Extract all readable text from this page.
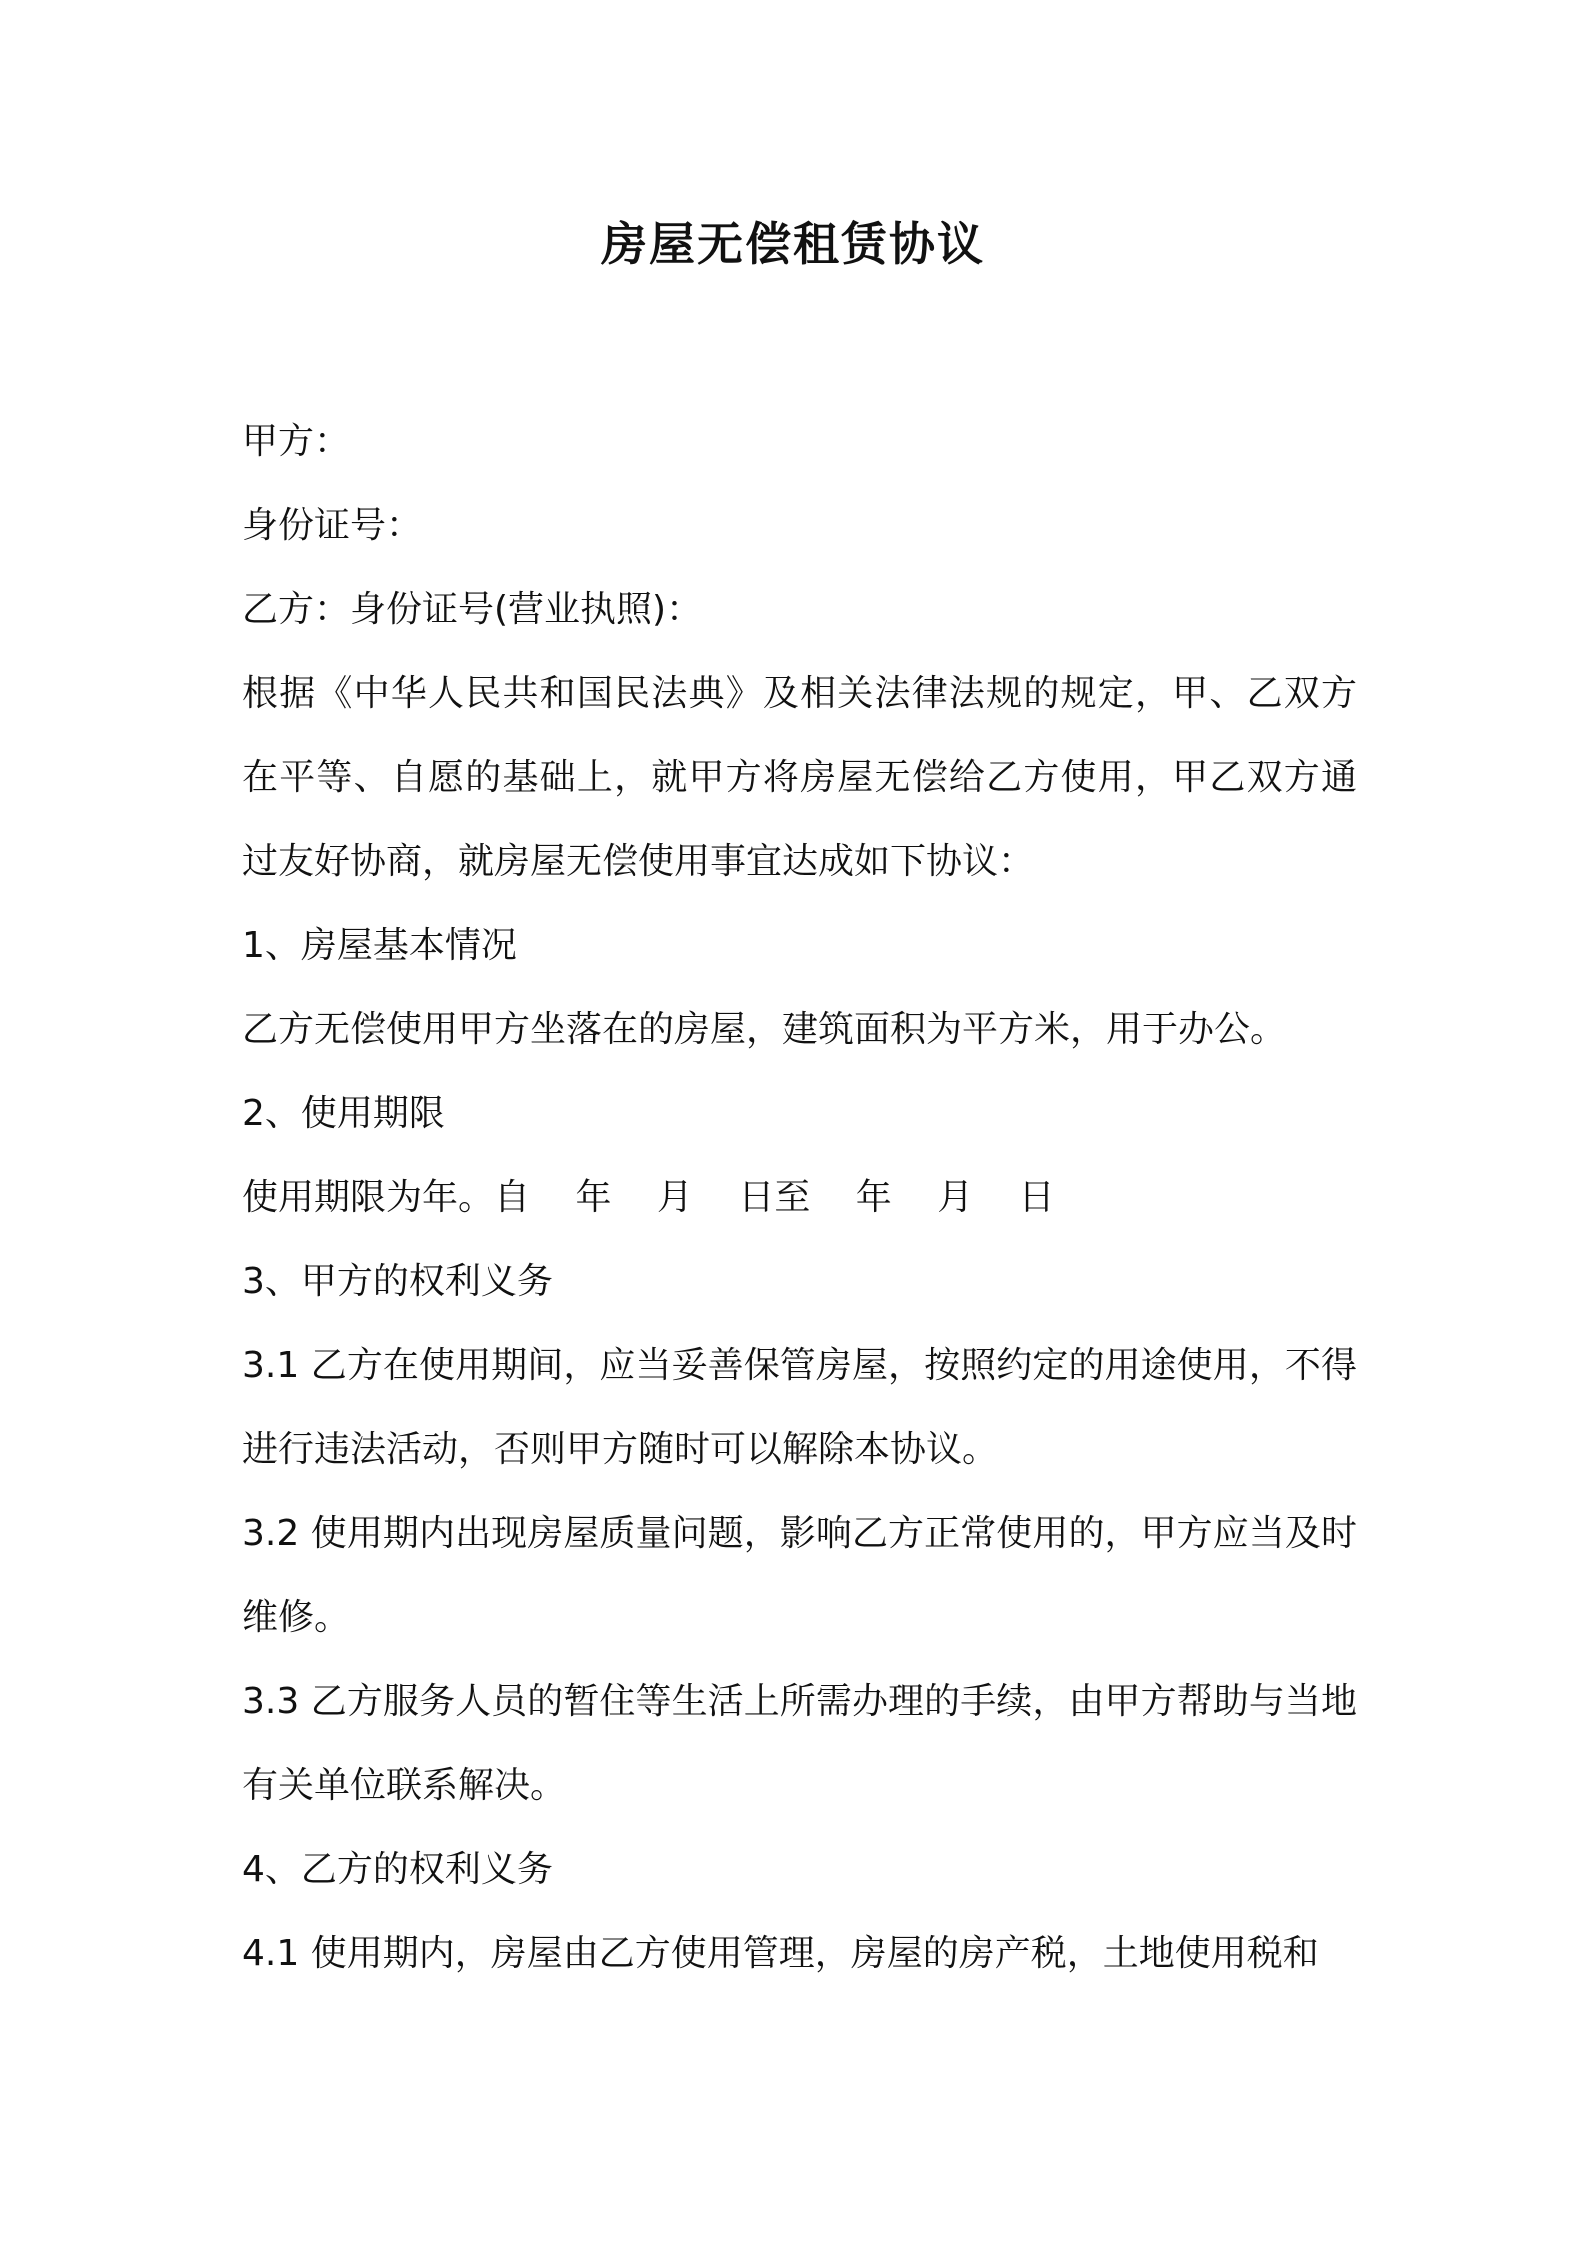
房屋无偿租赁协议

甲方：

身份证号：

乙方：身份证号(营业执照)：

根据《中华人民共和国民法典》及相关法律法规的规定，甲、乙双方在平等、自愿的基础上，就甲方将房屋无偿给乙方使用，甲乙双方通过友好协商，就房屋无偿使用事宜达成如下协议：

1、房屋基本情况

乙方无偿使用甲方坐落在的房屋，建筑面积为平方米，用于办公。

2、使用期限

使用期限为年。自 年 月 日至 年 月 日

3、甲方的权利义务

3.1 乙方在使用期间，应当妥善保管房屋，按照约定的用途使用，不得进行违法活动，否则甲方随时可以解除本协议。

3.2 使用期内出现房屋质量问题，影响乙方正常使用的，甲方应当及时维修。

3.3 乙方服务人员的暂住等生活上所需办理的手续，由甲方帮助与当地有关单位联系解决。

4、乙方的权利义务

4.1 使用期内，房屋由乙方使用管理，房屋的房产税，土地使用税和
